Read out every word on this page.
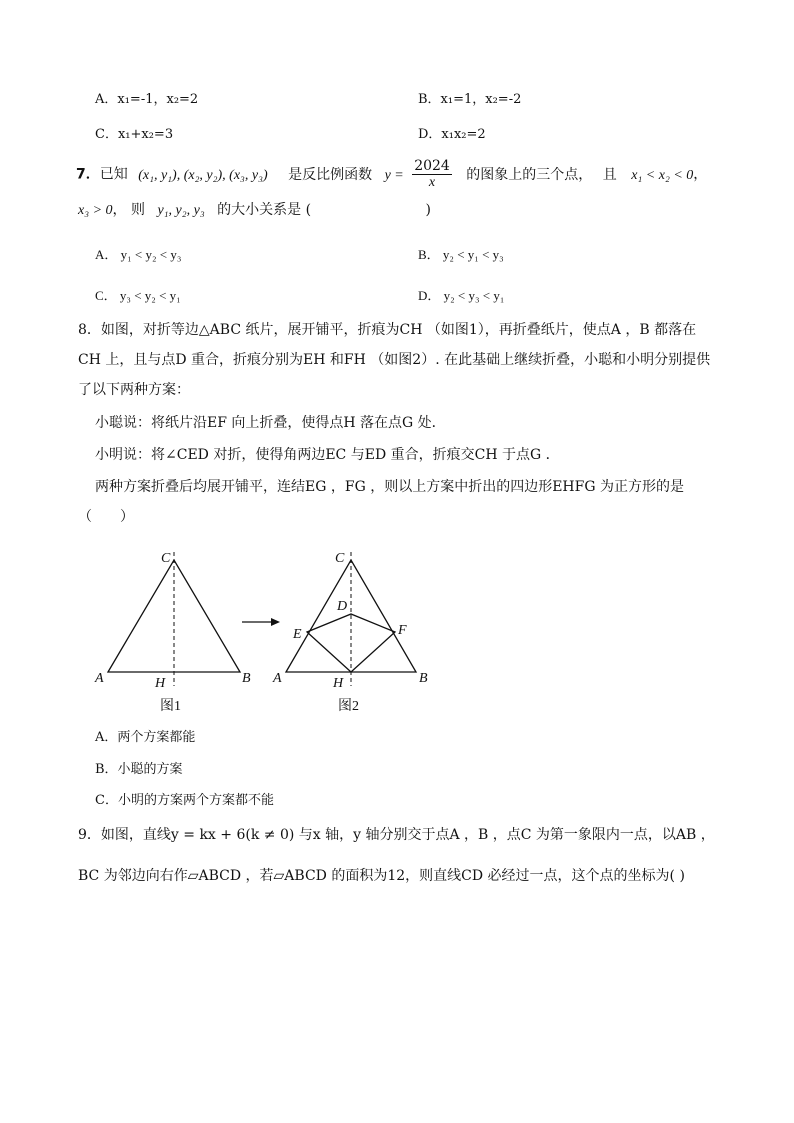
A．x₁=-1，x₂=2	B．x₁=1，x₂=-2
C．x₁+x₂=3	D．x₁x₂=2
7．已知 (x₁, y₁), (x₂, y₂), (x₃, y₃) 是反比例函数 $y = \frac{2024}{x}$ 的图象上的三个点， 且 x₁ < x₂ < 0，
x₃ > 0， 则 y₁, y₂, y₃ 的大小关系是 (	)
A． y₁ < y₂ < y₃	B． y₂ < y₁ < y₃
C． y₃ < y₂ < y₁	D． y₂ < y₃ < y₁
8．如图，对折等边△ABC 纸片，展开铺平，折痕为CH （如图1），再折叠纸片，使点A ，B 都落在
CH 上，且与点D 重合，折痕分别为EH 和FH （如图2）. 在此基础上继续折叠，小聪和小明分别提供
了以下两种方案：
小聪说：将纸片沿EF 向上折叠，使得点H 落在点G 处．
小明说：将∠CED 对折，使得角两边EC 与ED 重合，折痕交CH 于点G ．
两种方案折叠后均展开铺平，连结EG ，FG ，则以上方案中折出的四边形EHFG 为正方形的是
（　　）
C
A	H	B
图1
C
D
E	F
A	H	B
图2
A．两个方案都能
B．小聪的方案
C．小明的方案两个方案都不能
9．如图，直线y = kx + 6(k ≠ 0) 与x 轴，y 轴分别交于点A ，B ，点C 为第一象限内一点，以AB ，
BC 为邻边向右作▱ABCD ，若▱ABCD 的面积为12，则直线CD 必经过一点，这个点的坐标为( )
